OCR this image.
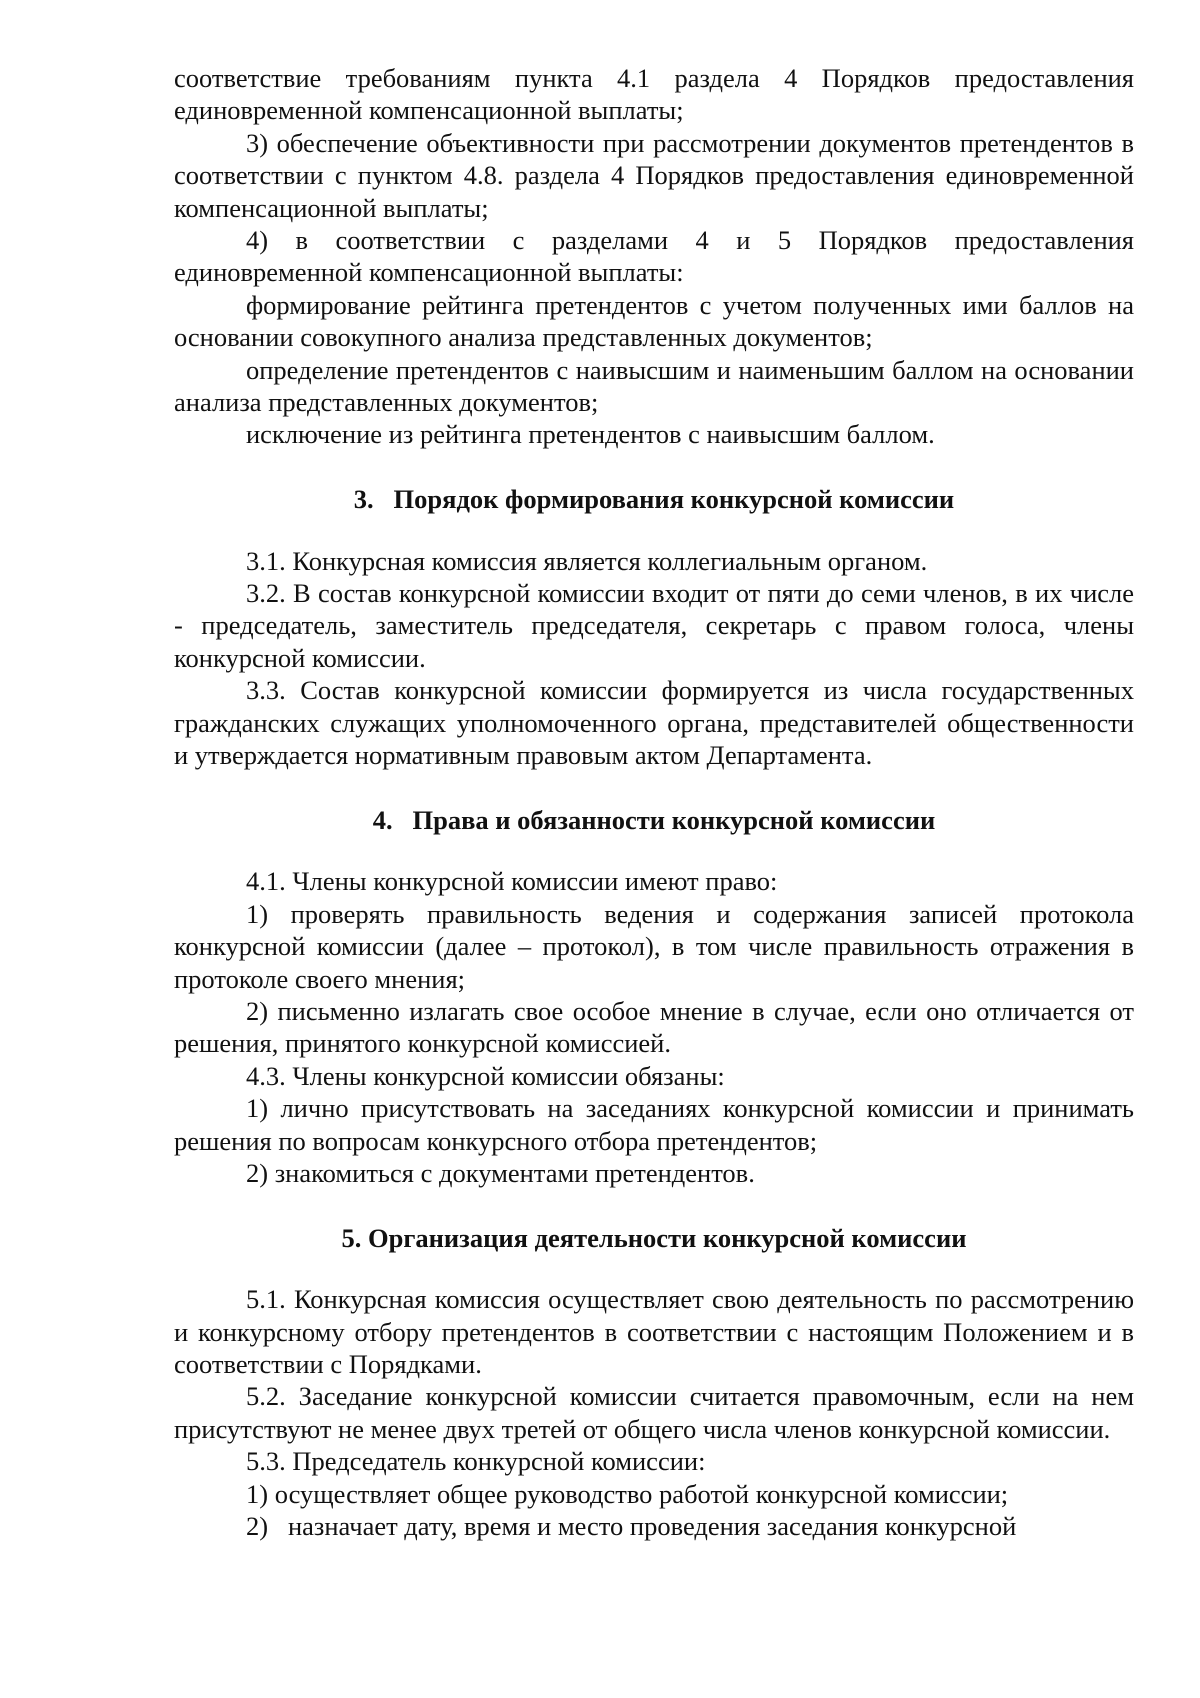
соответствие требованиям пункта 4.1 раздела 4 Порядков предоставления единовременной компенсационной выплаты;

3) обеспечение объективности при рассмотрении документов претендентов в соответствии с пунктом 4.8. раздела 4 Порядков предоставления единовременной компенсационной выплаты;

4) в соответствии с разделами 4 и 5 Порядков предоставления единовременной компенсационной выплаты:

формирование рейтинга претендентов с учетом полученных ими баллов на основании совокупного анализа представленных документов;

определение претендентов с наивысшим и наименьшим баллом на основании анализа представленных документов;

исключение из рейтинга претендентов с наивысшим баллом.

3.   Порядок формирования конкурсной комиссии

3.1. Конкурсная комиссия является коллегиальным органом.

3.2. В состав конкурсной комиссии входит от пяти до семи членов, в их числе - председатель, заместитель председателя, секретарь с правом голоса, члены конкурсной комиссии.

3.3. Состав конкурсной комиссии формируется из числа государственных гражданских служащих уполномоченного органа, представителей общественности и утверждается нормативным правовым актом Департамента.

4.   Права и обязанности конкурсной комиссии

4.1. Члены конкурсной комиссии имеют право:

1) проверять правильность ведения и содержания записей протокола конкурсной комиссии (далее – протокол), в том числе правильность отражения в протоколе своего мнения;

2) письменно излагать свое особое мнение в случае, если оно отличается от решения, принятого конкурсной комиссией.

4.3. Члены конкурсной комиссии обязаны:

1) лично присутствовать на заседаниях конкурсной комиссии и принимать решения по вопросам конкурсного отбора претендентов;

2) знакомиться с документами претендентов.

5. Организация деятельности конкурсной комиссии

5.1. Конкурсная комиссия осуществляет свою деятельность по рассмотрению и конкурсному отбору претендентов в соответствии с настоящим Положением и в соответствии с Порядками.

5.2. Заседание конкурсной комиссии считается правомочным, если на нем присутствуют не менее двух третей от общего числа членов конкурсной комиссии.

5.3. Председатель конкурсной комиссии:

1) осуществляет общее руководство работой конкурсной комиссии;

2)   назначает дату, время и место проведения заседания конкурсной
